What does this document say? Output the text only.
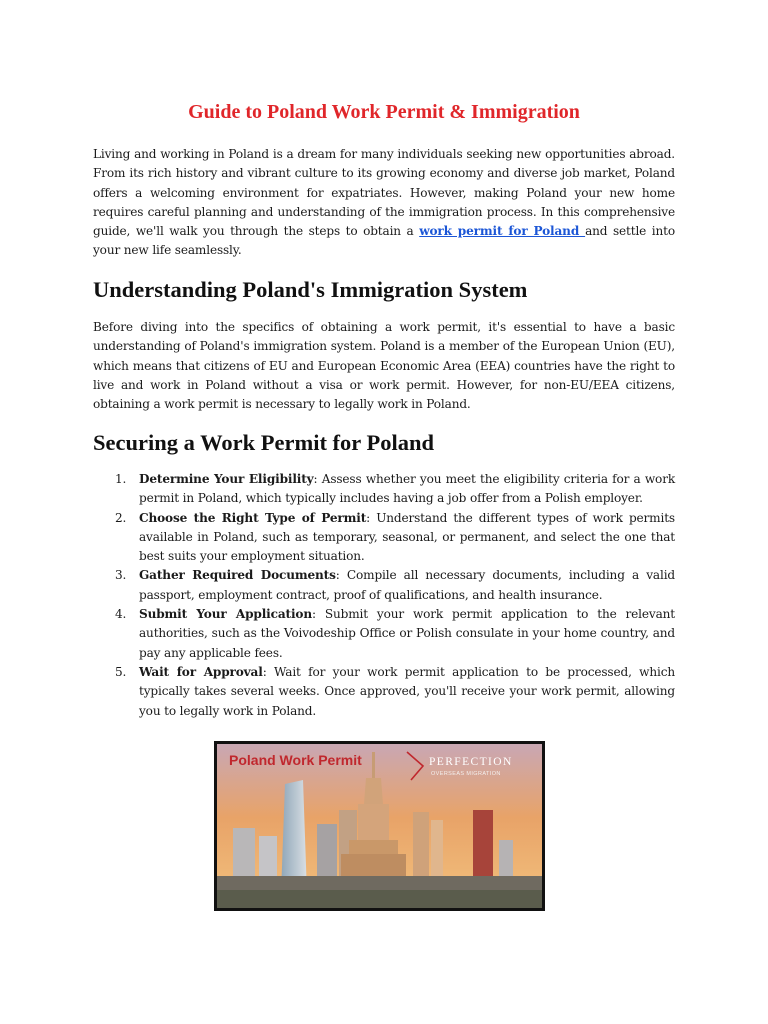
Guide to Poland Work Permit & Immigration

Living and working in Poland is a dream for many individuals seeking new opportunities abroad. From its rich history and vibrant culture to its growing economy and diverse job market, Poland offers a welcoming environment for expatriates. However, making Poland your new home requires careful planning and understanding of the immigration process. In this comprehensive guide, we'll walk you through the steps to obtain a work permit for Poland and settle into your new life seamlessly.

Understanding Poland's Immigration System

Before diving into the specifics of obtaining a work permit, it's essential to have a basic understanding of Poland's immigration system. Poland is a member of the European Union (EU), which means that citizens of EU and European Economic Area (EEA) countries have the right to live and work in Poland without a visa or work permit. However, for non-EU/EEA citizens, obtaining a work permit is necessary to legally work in Poland.

Securing a Work Permit for Poland
1. Determine Your Eligibility: Assess whether you meet the eligibility criteria for a work permit in Poland, which typically includes having a job offer from a Polish employer.
2. Choose the Right Type of Permit: Understand the different types of work permits available in Poland, such as temporary, seasonal, or permanent, and select the one that best suits your employment situation.
3. Gather Required Documents: Compile all necessary documents, including a valid passport, employment contract, proof of qualifications, and health insurance.
4. Submit Your Application: Submit your work permit application to the relevant authorities, such as the Voivodeship Office or Polish consulate in your home country, and pay any applicable fees.
5. Wait for Approval: Wait for your work permit application to be processed, which typically takes several weeks. Once approved, you'll receive your work permit, allowing you to legally work in Poland.
Poland Work Permit	PERFECTION
OVERSEAS MIGRATION
